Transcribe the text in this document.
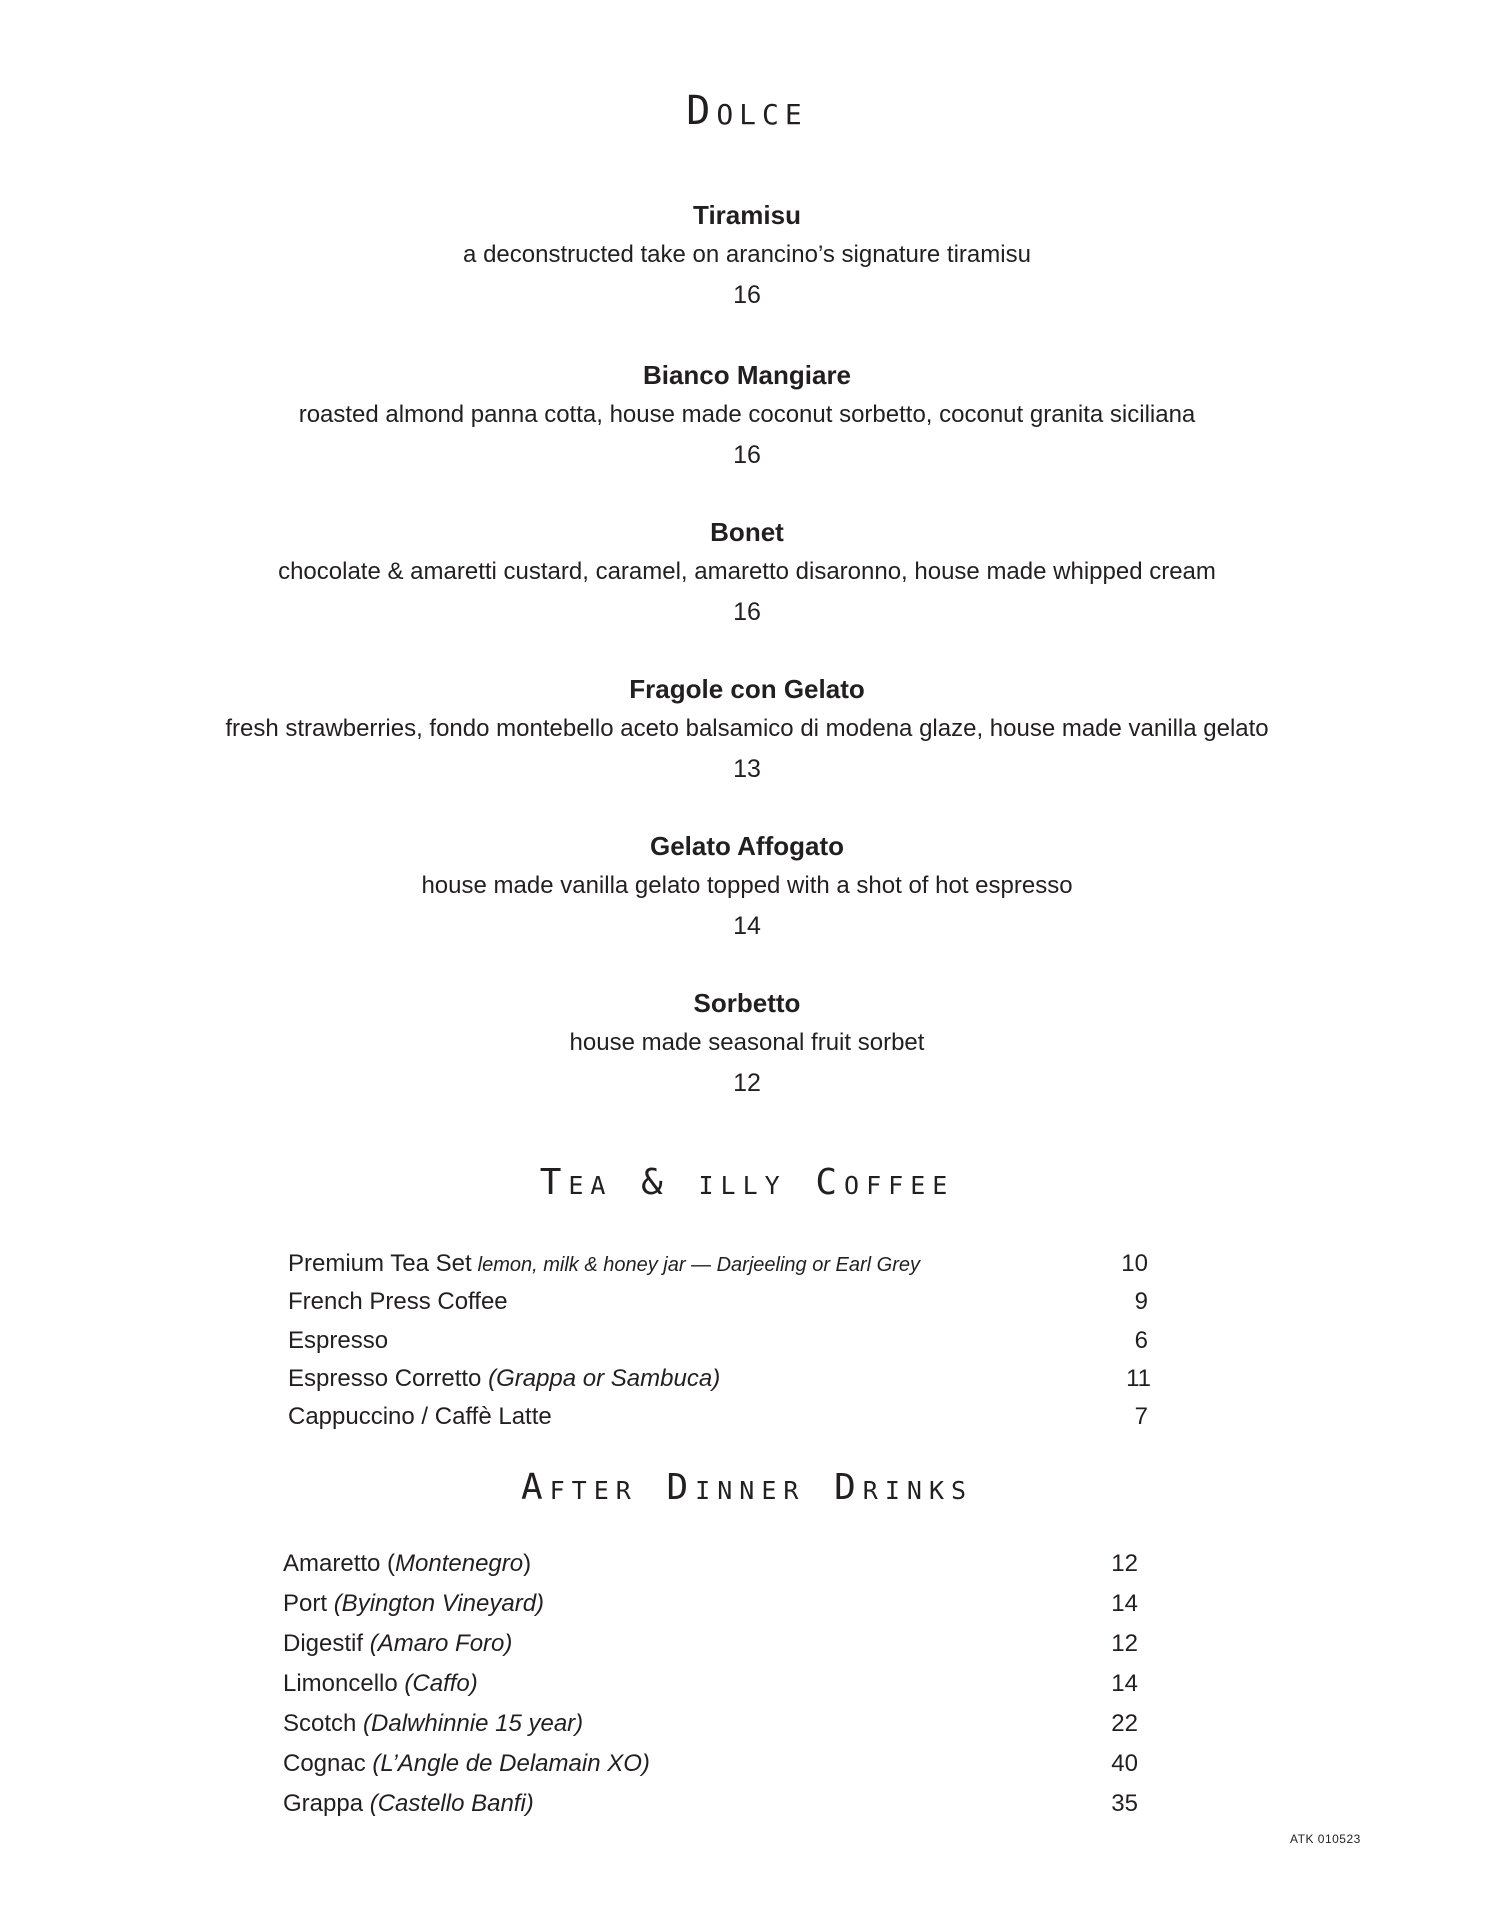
Dolce
Tiramisu
a deconstructed take on arancino’s signature tiramisu
16
Bianco Mangiare
roasted almond panna cotta, house made coconut sorbetto, coconut granita siciliana
16
Bonet
chocolate & amaretti custard, caramel, amaretto disaronno, house made whipped cream
16
Fragole con Gelato
fresh strawberries, fondo montebello aceto balsamico di modena glaze, house made vanilla gelato
13
Gelato Affogato
house made vanilla gelato topped with a shot of hot espresso
14
Sorbetto
house made seasonal fruit sorbet
12
Tea & illy Coffee
Premium Tea Set lemon, milk & honey jar — Darjeeling or Earl Grey	10
French Press Coffee	9
Espresso	6
Espresso Corretto (Grappa or Sambuca)	11
Cappuccino / Caffè Latte	7
After Dinner Drinks
Amaretto (Montenegro)	12
Port (Byington Vineyard)	14
Digestif (Amaro Foro)	12
Limoncello (Caffo)	14
Scotch (Dalwhinnie 15 year)	22
Cognac (L’Angle de Delamain XO)	40
Grappa (Castello Banfi)	35
ATK 010523
